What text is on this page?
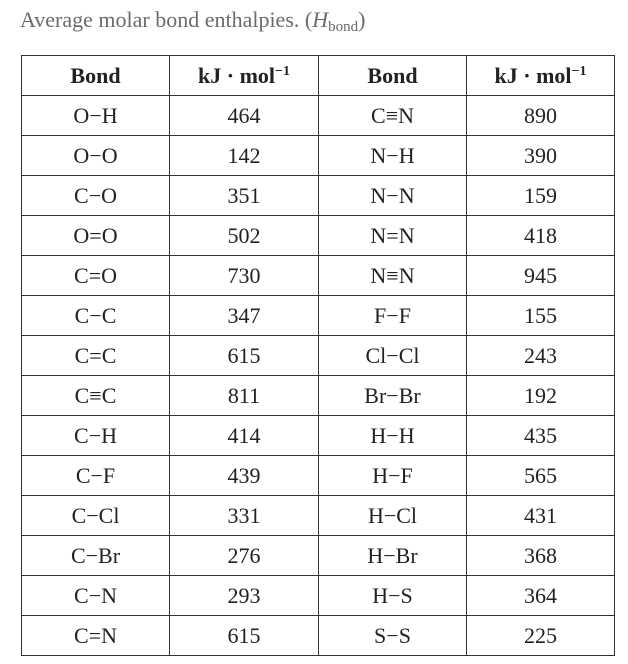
Average molar bond enthalpies. $(H_{bond})$
Bond	kJ · mol$^{-1}$	Bond	kJ · mol$^{-1}$
O−H	464	C≡N	890
O−O	142	N−H	390
C−O	351	N−N	159
O=O	502	N=N	418
C=O	730	N≡N	945
C−C	347	F−F	155
C=C	615	Cl−Cl	243
C≡C	811	Br−Br	192
C−H	414	H−H	435
C−F	439	H−F	565
C−Cl	331	H−Cl	431
C−Br	276	H−Br	368
C−N	293	H−S	364
C=N	615	S−S	225
